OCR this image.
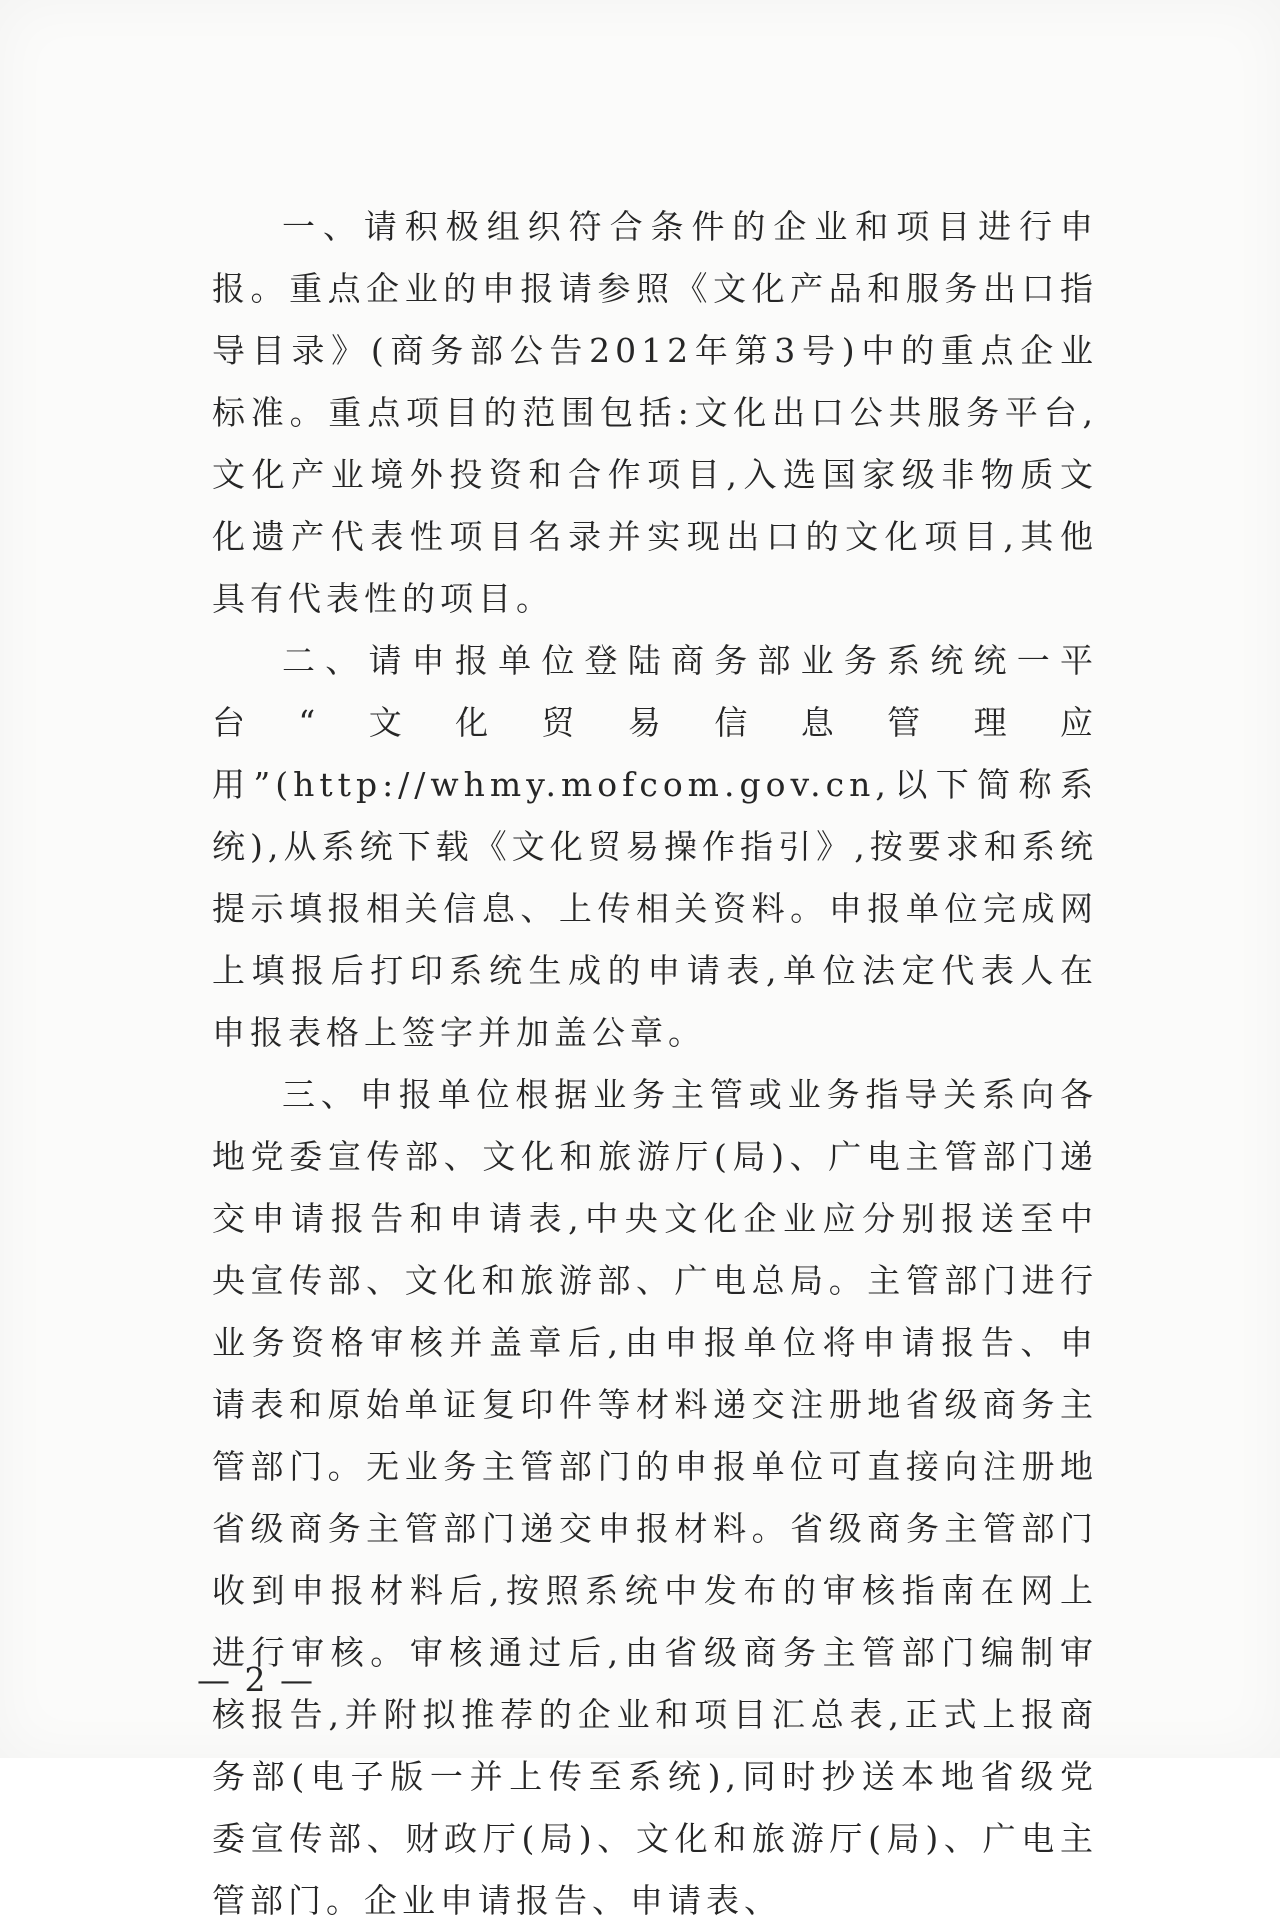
一、请积极组织符合条件的企业和项目进行申报。重点企业的申报请参照《文化产品和服务出口指导目录》(商务部公告2012年第3号)中的重点企业标准。重点项目的范围包括:文化出口公共服务平台,文化产业境外投资和合作项目,入选国家级非物质文化遗产代表性项目名录并实现出口的文化项目,其他具有代表性的项目。

二、请申报单位登陆商务部业务系统统一平台“文化贸易信息管理应用”(http://whmy.mofcom.gov.cn,以下简称系统),从系统下载《文化贸易操作指引》,按要求和系统提示填报相关信息、上传相关资料。申报单位完成网上填报后打印系统生成的申请表,单位法定代表人在申报表格上签字并加盖公章。

三、申报单位根据业务主管或业务指导关系向各地党委宣传部、文化和旅游厅(局)、广电主管部门递交申请报告和申请表,中央文化企业应分别报送至中央宣传部、文化和旅游部、广电总局。主管部门进行业务资格审核并盖章后,由申报单位将申请报告、申请表和原始单证复印件等材料递交注册地省级商务主管部门。无业务主管部门的申报单位可直接向注册地省级商务主管部门递交申报材料。省级商务主管部门收到申报材料后,按照系统中发布的审核指南在网上进行审核。审核通过后,由省级商务主管部门编制审核报告,并附拟推荐的企业和项目汇总表,正式上报商务部(电子版一并上传至系统),同时抄送本地省级党委宣传部、财政厅(局)、文化和旅游厅(局)、广电主管部门。企业申请报告、申请表、

— 2 —
